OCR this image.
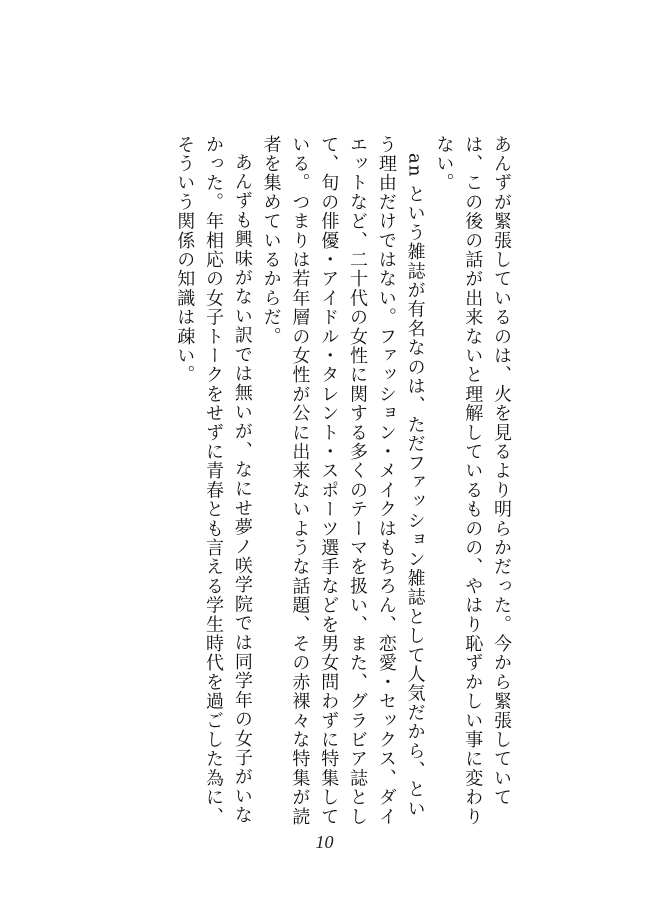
あんずが緊張しているのは、火を見るより明らかだった。今から緊張していては、この後の話が出来ないと理解しているものの、やはり恥ずかしい事に変わりない。

an という雑誌が有名なのは、ただファッション雑誌として人気だから、という理由だけではない。ファッション・メイクはもちろん、恋愛・セックス、ダイエットなど、二十代の女性に関する多くのテーマを扱い、また、グラビア誌として、旬の俳優・アイドル・タレント・スポーツ選手などを男女問わずに特集している。つまりは若年層の女性が公に出来ないような話題、その赤裸々な特集が読者を集めているからだ。

あんずも興味がない訳では無いが、なにせ夢ノ咲学院では同学年の女子がいなかった。年相応の女子トークをせずに青春とも言える学生時代を過ごした為に、そういう関係の知識は疎い。

10
